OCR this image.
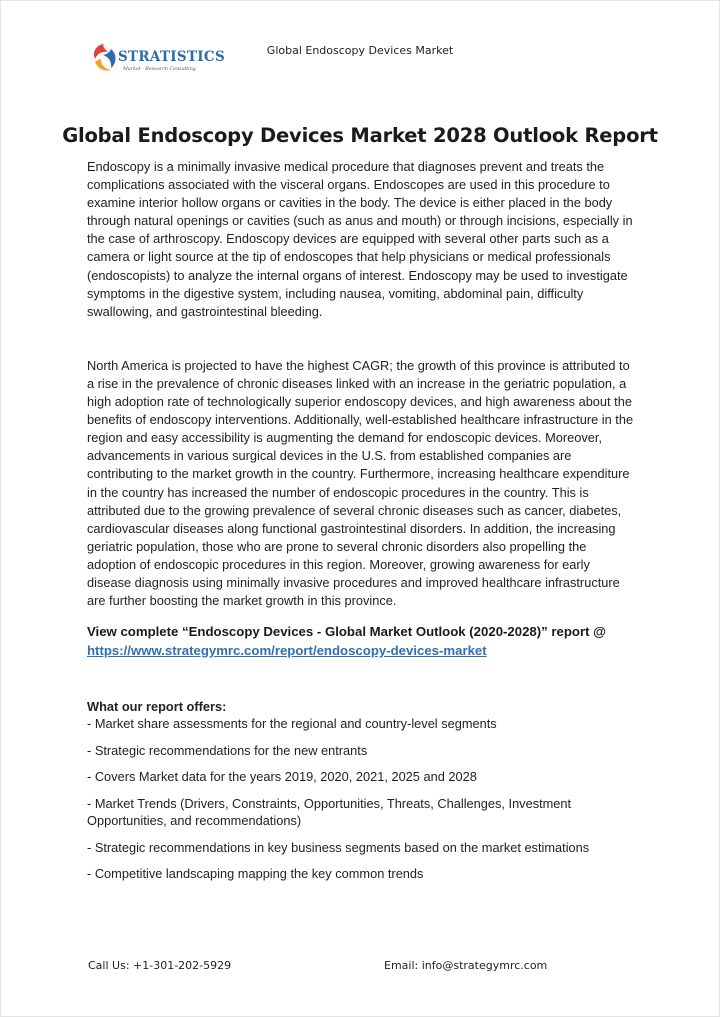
STRATISTICS
Market · Research Consulting
Global Endoscopy Devices Market
Global Endoscopy Devices Market 2028 Outlook Report

Endoscopy is a minimally invasive medical procedure that diagnoses prevent and treats the complications associated with the visceral organs. Endoscopes are used in this procedure to examine interior hollow organs or cavities in the body. The device is either placed in the body through natural openings or cavities (such as anus and mouth) or through incisions, especially in the case of arthroscopy. Endoscopy devices are equipped with several other parts such as a camera or light source at the tip of endoscopes that help physicians or medical professionals (endoscopists) to analyze the internal organs of interest. Endoscopy may be used to investigate symptoms in the digestive system, including nausea, vomiting, abdominal pain, difficulty swallowing, and gastrointestinal bleeding.

North America is projected to have the highest CAGR; the growth of this province is attributed to a rise in the prevalence of chronic diseases linked with an increase in the geriatric population, a high adoption rate of technologically superior endoscopy devices, and high awareness about the benefits of endoscopy interventions. Additionally, well-established healthcare infrastructure in the region and easy accessibility is augmenting the demand for endoscopic devices. Moreover, advancements in various surgical devices in the U.S. from established companies are contributing to the market growth in the country. Furthermore, increasing healthcare expenditure in the country has increased the number of endoscopic procedures in the country. This is attributed due to the growing prevalence of several chronic diseases such as cancer, diabetes, cardiovascular diseases along functional gastrointestinal disorders. In addition, the increasing geriatric population, those who are prone to several chronic disorders also propelling the adoption of endoscopic procedures in this region. Moreover, growing awareness for early disease diagnosis using minimally invasive procedures and improved healthcare infrastructure are further boosting the market growth in this province.

View complete “Endoscopy Devices - Global Market Outlook (2020-2028)” report @
https://www.strategymrc.com/report/endoscopy-devices-market

What our report offers:
- Market share assessments for the regional and country-level segments
- Strategic recommendations for the new entrants
- Covers Market data for the years 2019, 2020, 2021, 2025 and 2028
- Market Trends (Drivers, Constraints, Opportunities, Threats, Challenges, Investment Opportunities, and recommendations)
- Strategic recommendations in key business segments based on the market estimations
- Competitive landscaping mapping the key common trends
Call Us: +1-301-202-5929	Email: info@strategymrc.com
